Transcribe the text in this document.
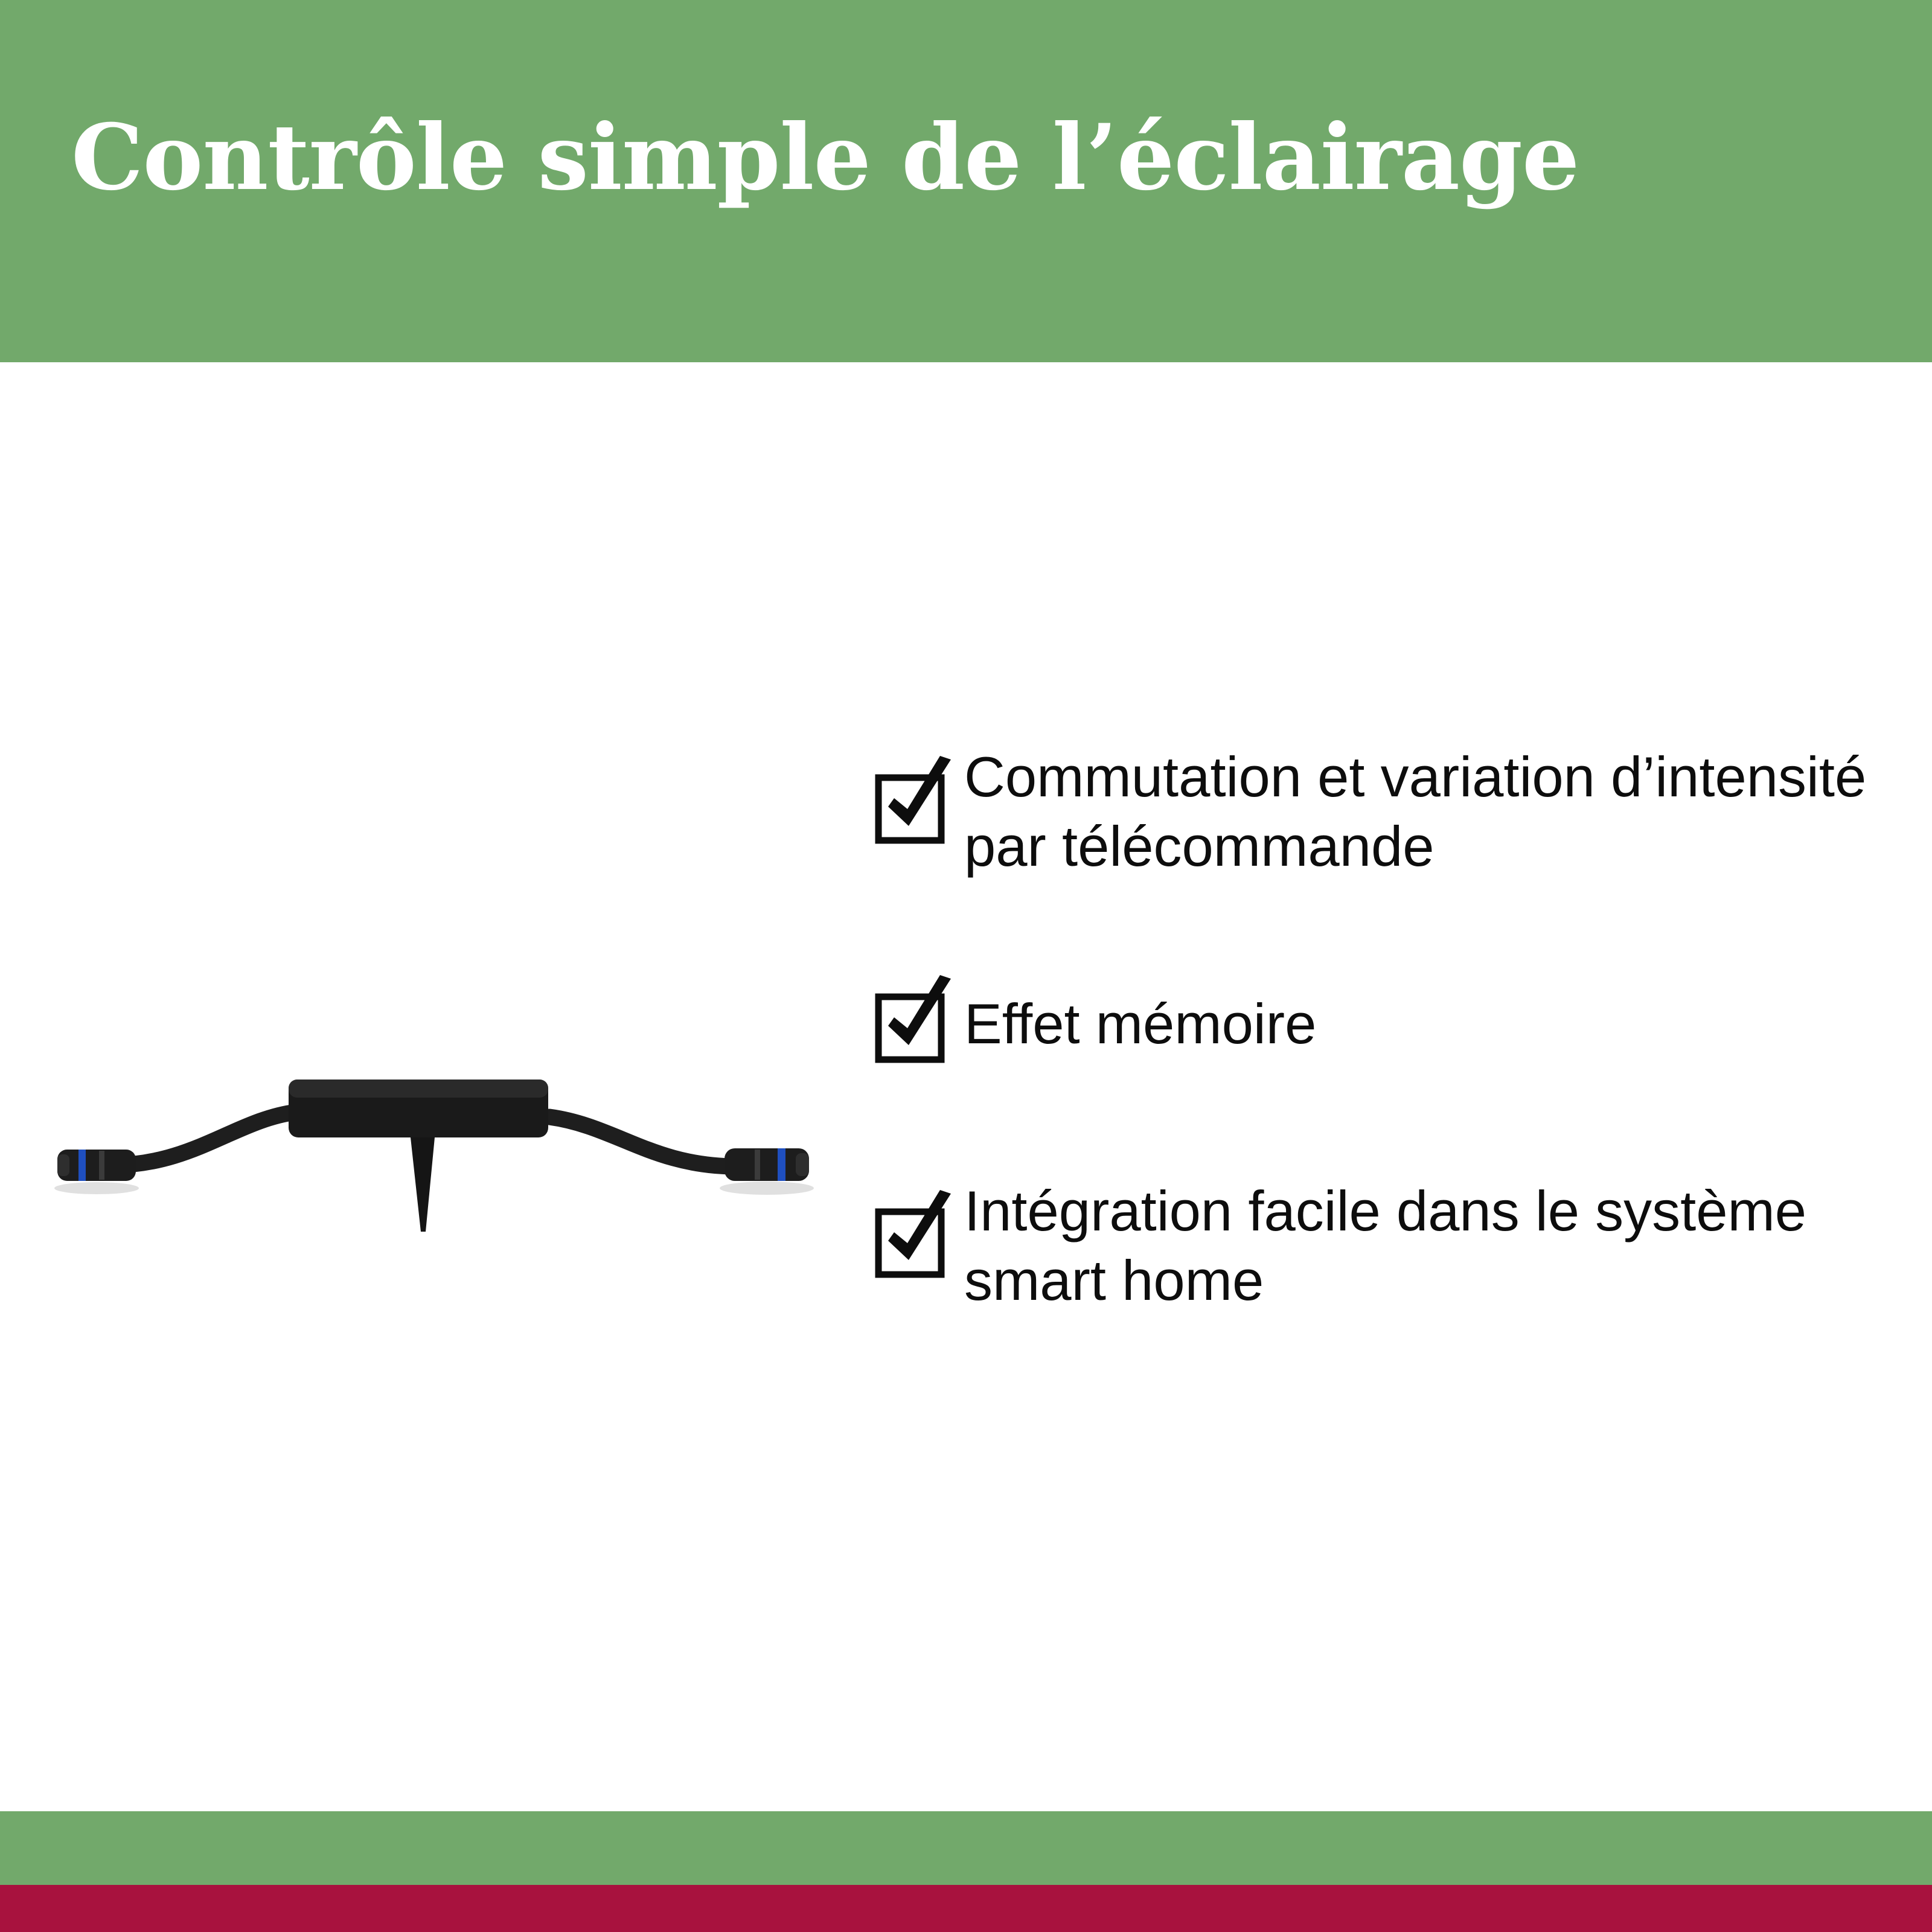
Contrôle simple de l’éclairage
Commutation et variation d’intensité par télécommande
Effet mémoire
Intégration facile dans le système smart home
